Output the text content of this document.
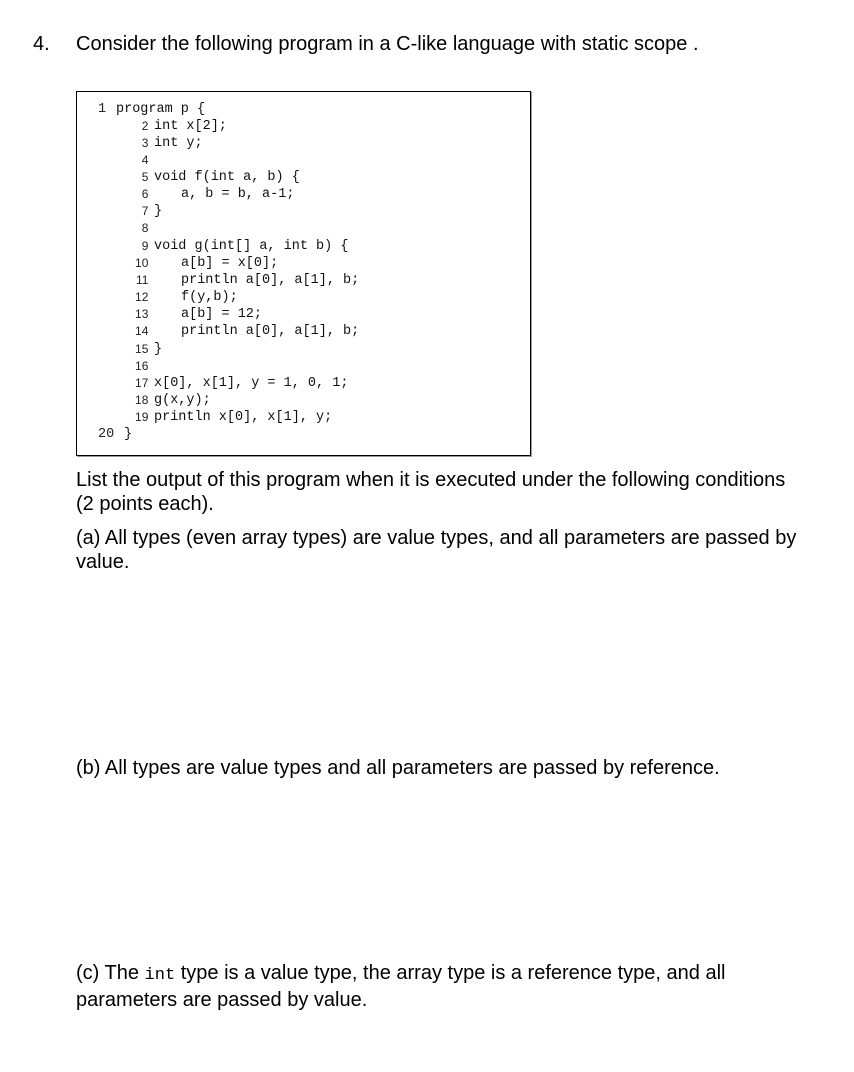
4. Consider the following program in a C-like language with static scope .

1

program p {

2

int x[2];

3

int y;

4

5

void f(int a, b) {

6

a, b = b, a-1;

7

}

8

9

void g(int[] a, int b) {

10

a[b] = x[0];

11

println a[0], a[1], b;

12

f(y,b);

13

a[b] = 12;

14

println a[0], a[1], b;

15

}

16

17

x[0], x[1], y = 1, 0, 1;

18

g(x,y);

19

println x[0], x[1], y;

20

}

List the output of this program when it is executed under the following conditions (2 points each).
(a) All types (even array types) are value types, and all parameters are passed by value.
(b) All types are value types and all parameters are passed by reference.
(c) The int type is a value type, the array type is a reference type, and all parameters are passed by value.
